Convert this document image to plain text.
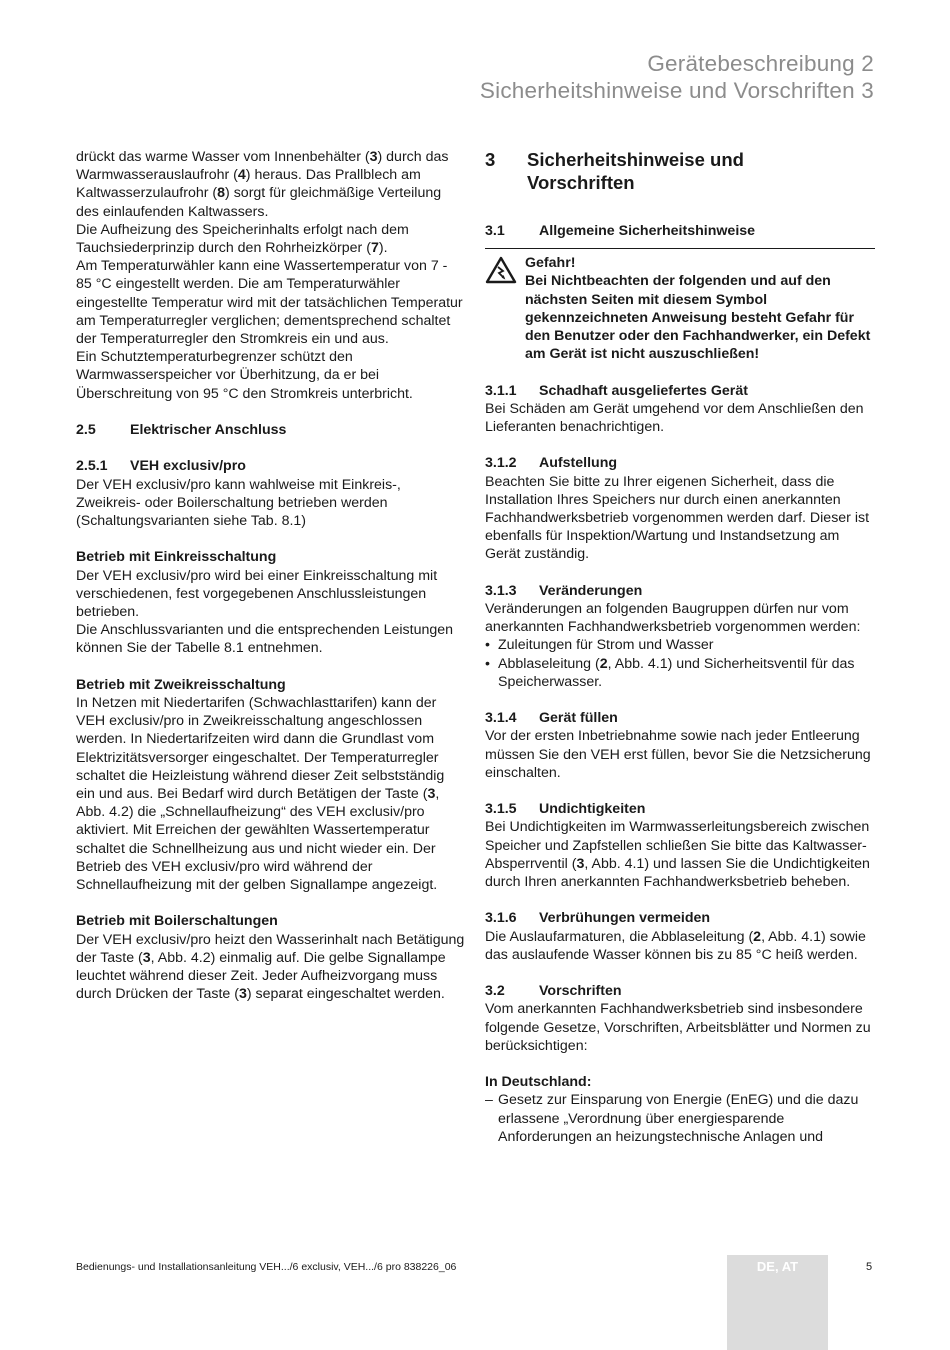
Gerätebeschreibung 2
Sicherheitshinweise und Vorschriften 3

drückt das warme Wasser vom Innenbehälter (3) durch das Warmwasserauslaufrohr (4) heraus. Das Prallblech am Kaltwasserzulaufrohr (8) sorgt für gleichmäßige Verteilung des einlaufenden Kaltwassers.

Die Aufheizung des Speicherinhalts erfolgt nach dem Tauchsiederprinzip durch den Rohrheizkörper (7).

Am Temperaturwähler kann eine Wassertemperatur von 7 - 85 °C eingestellt werden. Die am Temperaturwähler eingestellte Temperatur wird mit der tatsächlichen Temperatur am Temperaturregler verglichen; dementsprechend schaltet der Temperaturregler den Stromkreis ein und aus.

Ein Schutztemperaturbegrenzer schützt den Warmwasserspeicher vor Überhitzung, da er bei Überschreitung von 95 °C den Stromkreis unterbricht.

2.5	Elektrischer Anschluss
2.5.1	VEH exclusiv/pro

Der VEH exclusiv/pro kann wahlweise mit Einkreis-, Zweikreis- oder Boilerschaltung betrieben werden (Schaltungsvarianten siehe Tab. 8.1)

Betrieb mit Einkreisschaltung

Der VEH exclusiv/pro wird bei einer Einkreisschaltung mit verschiedenen, fest vorgegebenen Anschlussleistungen betrieben.

Die Anschlussvarianten und die entsprechenden Leistungen können Sie der Tabelle 8.1 entnehmen.

Betrieb mit Zweikreisschaltung

In Netzen mit Niedertarifen (Schwachlasttarifen) kann der VEH exclusiv/pro in Zweikreisschaltung angeschlossen werden. In Niedertarifzeiten wird dann die Grundlast vom Elektrizitätsversorger eingeschaltet. Der Temperaturregler schaltet die Heizleistung während dieser Zeit selbstständig ein und aus. Bei Bedarf wird durch Betätigen der Taste (3, Abb. 4.2) die „Schnellaufheizung“ des VEH exclusiv/pro aktiviert. Mit Erreichen der gewählten Wassertemperatur schaltet die Schnellheizung aus und nicht wieder ein. Der Betrieb des VEH exclusiv/pro wird während der Schnellaufheizung mit der gelben Signallampe angezeigt.

Betrieb mit Boilerschaltungen

Der VEH exclusiv/pro heizt den Wasserinhalt nach Betätigung der Taste (3, Abb. 4.2) einmalig auf. Die gelbe Signallampe leuchtet während dieser Zeit. Jeder Aufheizvorgang muss durch Drücken der Taste (3) separat eingeschaltet werden.

3	Sicherheitshinweise und Vorschriften
3.1	Allgemeine Sicherheitshinweise
Gefahr!
Bei Nichtbeachten der folgenden und auf den nächsten Seiten mit diesem Symbol gekennzeichneten Anweisung besteht Gefahr für den Benutzer oder den Fachhandwerker, ein Defekt am Gerät ist nicht auszuschließen!
3.1.1	Schadhaft ausgeliefertes Gerät

Bei Schäden am Gerät umgehend vor dem Anschließen den Lieferanten benachrichtigen.

3.1.2	Aufstellung

Beachten Sie bitte zu Ihrer eigenen Sicherheit, dass die Installation Ihres Speichers nur durch einen anerkannten Fachhandwerksbetrieb vorgenommen werden darf. Dieser ist ebenfalls für Inspektion/Wartung und Instandsetzung am Gerät zuständig.

3.1.3	Veränderungen

Veränderungen an folgenden Baugruppen dürfen nur vom anerkannten Fachhandwerksbetrieb vorgenommen werden:

• Zuleitungen für Strom und Wasser
• Abblaseleitung (2, Abb. 4.1) und Sicherheitsventil für das Speicherwasser.
3.1.4	Gerät füllen

Vor der ersten Inbetriebnahme sowie nach jeder Entleerung müssen Sie den VEH erst füllen, bevor Sie die Netzsicherung einschalten.

3.1.5	Undichtigkeiten

Bei Undichtigkeiten im Warmwasserleitungsbereich zwischen Speicher und Zapfstellen schließen Sie bitte das Kaltwasser-Absperrventil (3, Abb. 4.1) und lassen Sie die Undichtigkeiten durch Ihren anerkannten Fachhandwerksbetrieb beheben.

3.1.6	Verbrühungen vermeiden

Die Auslaufarmaturen, die Abblaseleitung (2, Abb. 4.1) sowie das auslaufende Wasser können bis zu 85 °C heiß werden.

3.2	Vorschriften

Vom anerkannten Fachhandwerksbetrieb sind insbesondere folgende Gesetze, Vorschriften, Arbeitsblätter und Normen zu berücksichtigen:

In Deutschland:

– Gesetz zur Einsparung von Energie (EnEG) und die dazu erlassene „Verordnung über energiesparende Anforderungen an heizungstechnische Anlagen und
Bedienungs- und Installationsanleitung VEH.../6 exclusiv, VEH.../6 pro 838226_06	DE, AT	5
